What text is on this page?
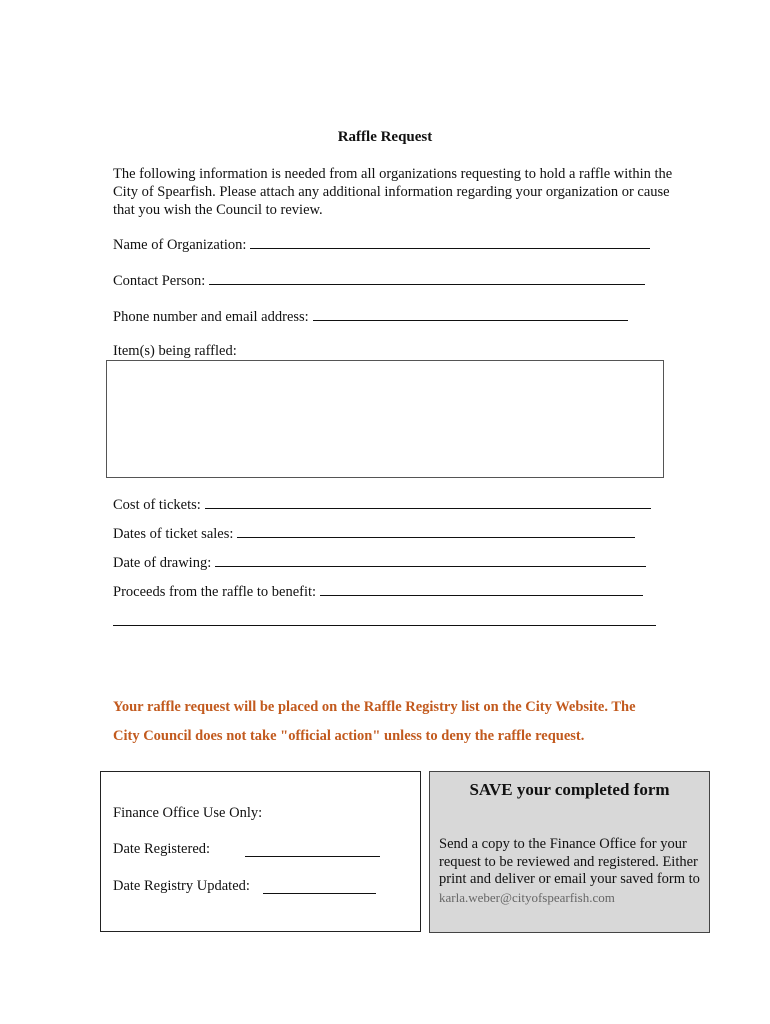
Raffle Request
The following information is needed from all organizations requesting to hold a raffle within the City of Spearfish. Please attach any additional information regarding your organization or cause that you wish the Council to review.
Name of Organization:
Contact Person:
Phone number and email address:
Item(s) being raffled:
Cost of tickets:
Dates of ticket sales:
Date of drawing:
Proceeds from the raffle to benefit:
Your raffle request will be placed on the Raffle Registry list on the City Website. The
City Council does not take "official action" unless to deny the raffle request.
Finance Office Use Only:
Date Registered:
Date Registry Updated:
SAVE your completed form
Send a copy to the Finance Office for your request to be reviewed and registered. Either print and deliver or email your saved form to karla.weber@cityofspearfish.com
